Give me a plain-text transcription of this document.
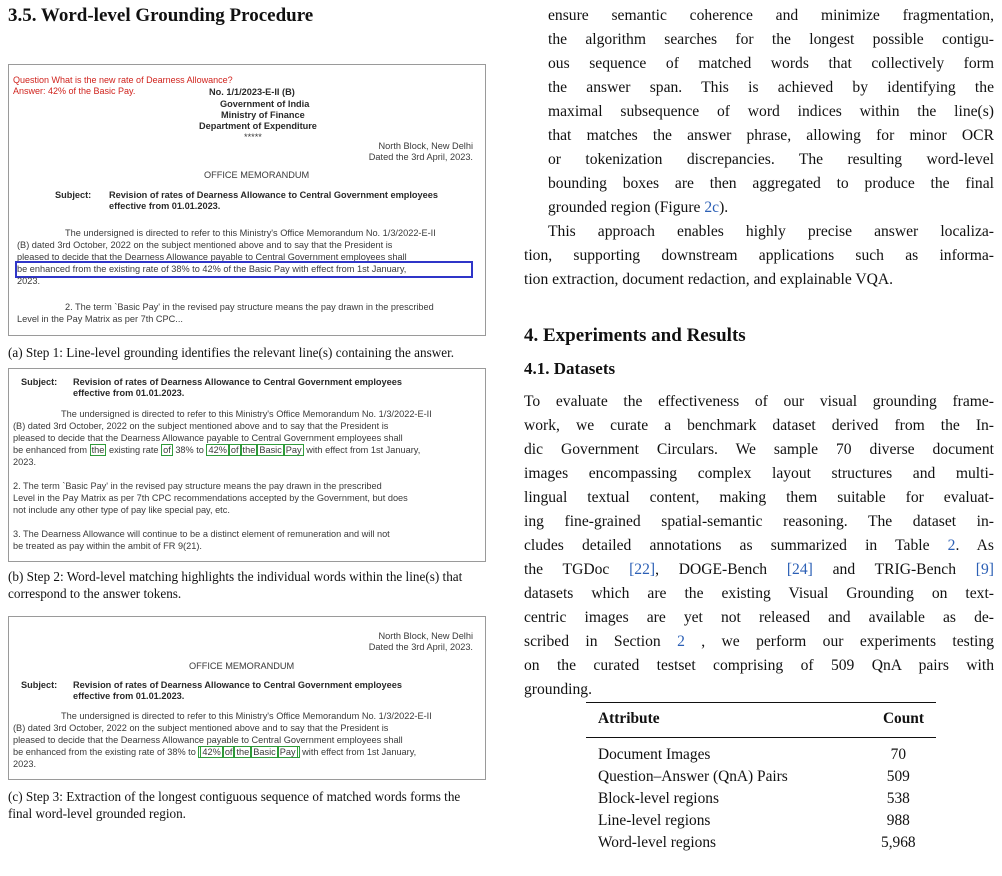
3.5. Word-level Grounding Procedure
Question What is the new rate of Dearness Allowance?
Answer: 42% of the Basic Pay.	No. 1/1/2023-E-II (B)
Government of India
Ministry of Finance
Department of Expenditure
*****
North Block, New Delhi
Dated the 3rd April, 2023.
OFFICE MEMORANDUM
Subject: Revision of rates of Dearness Allowance to Central Government employees
effective from 01.01.2023.
The undersigned is directed to refer to this Ministry's Office Memorandum No. 1/3/2022-E-II
(B) dated 3rd October, 2022 on the subject mentioned above and to say that the President is
pleased to decide that the Dearness Allowance payable to Central Government employees shall
be enhanced from the existing rate of 38% to 42% of the Basic Pay with effect from 1st January,
2023.
2. The term `Basic Pay' in the revised pay structure means the pay drawn in the prescribed
Level in the Pay Matrix as per 7th CPC...
(a) Step 1: Line-level grounding identifies the relevant line(s) containing the answer.
Subject: Revision of rates of Dearness Allowance to Central Government employees
effective from 01.01.2023.
The undersigned is directed to refer to this Ministry's Office Memorandum No. 1/3/2022-E-II
(B) dated 3rd October, 2022 on the subject mentioned above and to say that the President is
pleased to decide that the Dearness Allowance payable to Central Government employees shall
be enhanced from the existing rate of 38% to 42% of the Basic Pay with effect from 1st January,
2023.
2. The term `Basic Pay' in the revised pay structure means the pay drawn in the prescribed
Level in the Pay Matrix as per 7th CPC recommendations accepted by the Government, but does
not include any other type of pay like special pay, etc.
3. The Dearness Allowance will continue to be a distinct element of remuneration and will not
be treated as pay within the ambit of FR 9(21).
(b) Step 2: Word-level matching highlights the individual words within the line(s) that correspond to the answer tokens.
North Block, New Delhi
Dated the 3rd April, 2023.
OFFICE MEMORANDUM
Subject: Revision of rates of Dearness Allowance to Central Government employees
effective from 01.01.2023.
The undersigned is directed to refer to this Ministry's Office Memorandum No. 1/3/2022-E-II
(B) dated 3rd October, 2022 on the subject mentioned above and to say that the President is
pleased to decide that the Dearness Allowance payable to Central Government employees shall
be enhanced from the existing rate of 38% to 42% of the Basic Pay with effect from 1st January,
2023.
(c) Step 3: Extraction of the longest contiguous sequence of matched words forms the final word-level grounded region.
ensure semantic coherence and minimize fragmentation,
the algorithm searches for the longest possible contigu-
ous sequence of matched words that collectively form
the answer span. This is achieved by identifying the
maximal subsequence of word indices within the line(s)
that matches the answer phrase, allowing for minor OCR
or tokenization discrepancies. The resulting word-level
bounding boxes are then aggregated to produce the final
grounded region (Figure 2c).
This approach enables highly precise answer localiza-
tion, supporting downstream applications such as informa-
tion extraction, document redaction, and explainable VQA.
4. Experiments and Results
4.1. Datasets
To evaluate the effectiveness of our visual grounding frame-
work, we curate a benchmark dataset derived from the In-
dic Government Circulars. We sample 70 diverse document
images encompassing complex layout structures and multi-
lingual textual content, making them suitable for evaluat-
ing fine-grained spatial-semantic reasoning. The dataset in-
cludes detailed annotations as summarized in Table 2. As
the TGDoc [22], DOGE-Bench [24] and TRIG-Bench [9]
datasets which are the existing Visual Grounding on text-
centric images are yet not released and available as de-
scribed in Section 2 , we perform our experiments testing
on the curated testset comprising of 509 QnA pairs with
grounding.
Attribute	Count
Document Images	70
Question–Answer (QnA) Pairs	509
Block-level regions	538
Line-level regions	988
Word-level regions	5,968
